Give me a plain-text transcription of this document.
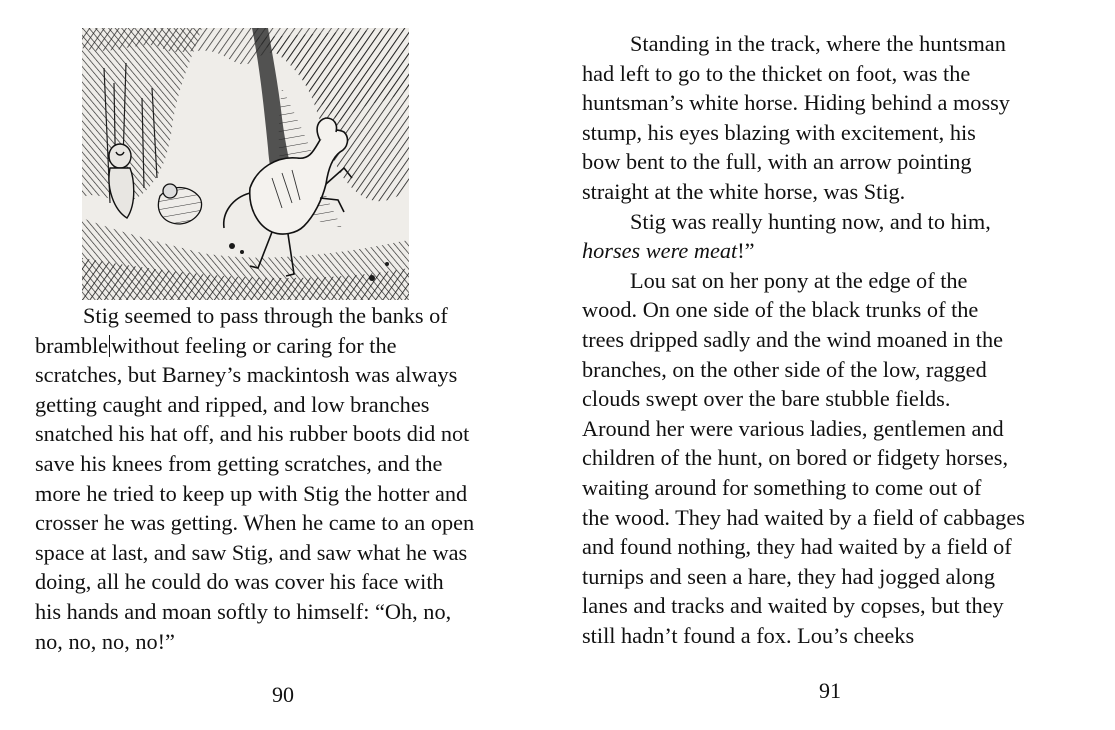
Stig seemed to pass through the banks of
bramble without feeling or caring for the
scratches, but Barney’s mackintosh was always
getting caught and ripped, and low branches
snatched his hat off, and his rubber boots did not
save his knees from getting scratches, and the
more he tried to keep up with Stig the hotter and
crosser he was getting. When he came to an open
space at last, and saw Stig, and saw what he was
doing, all he could do was cover his face with
his hands and moan softly to himself: “Oh, no,
no, no, no, no!”
90
Standing in the track, where the huntsman
had left to go to the thicket on foot, was the
huntsman’s white horse. Hiding behind a mossy
stump, his eyes blazing with excitement, his
bow bent to the full, with an arrow pointing
straight at the white horse, was Stig.
Stig was really hunting now, and to him,
horses were meat!”
Lou sat on her pony at the edge of the
wood. On one side of the black trunks of the
trees dripped sadly and the wind moaned in the
branches, on the other side of the low, ragged
clouds swept over the bare stubble fields.
Around her were various ladies, gentlemen and
children of the hunt, on bored or fidgety horses,
waiting around for something to come out of
the wood. They had waited by a field of cabbages
and found nothing, they had waited by a field of
turnips and seen a hare, they had jogged along
lanes and tracks and waited by copses, but they
still hadn’t found a fox. Lou’s cheeks
91
